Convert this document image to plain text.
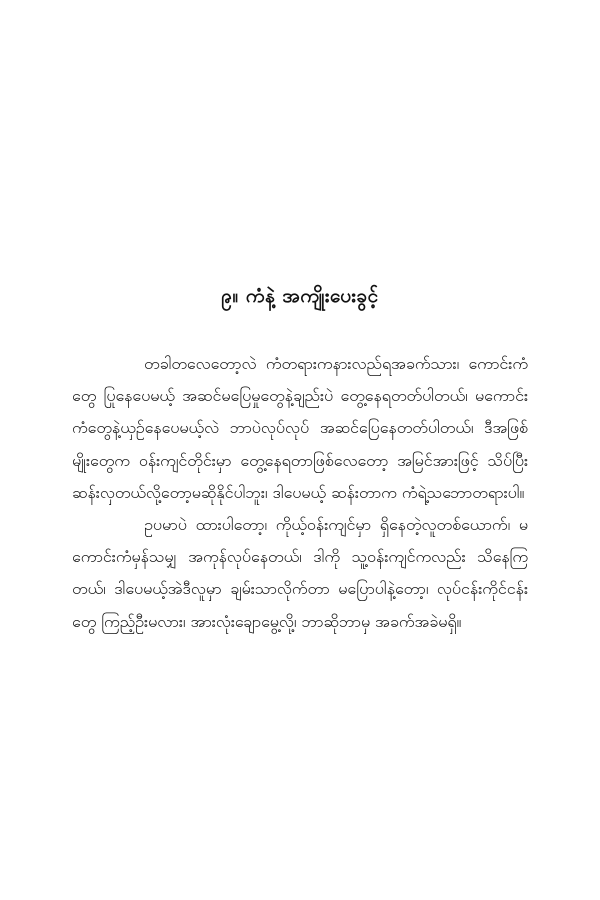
၉။ ကံနဲ့ အကျိုးပေးခွင့်

တခါတလေတော့လဲ ကံတရားကနားလည်ရအခက်သား၊ ကောင်းကံတွေ ပြုနေပေမယ့် အဆင်မပြေမှုတွေနဲ့ချည်းပဲ တွေ့နေရတတ်ပါတယ်၊ မကောင်းကံတွေနဲ့ယှဉ်နေပေမယ့်လဲ ဘာပဲလုပ်လုပ် အဆင်ပြေနေတတ်ပါတယ်၊ ဒီအဖြစ်မျိုးတွေက ဝန်းကျင်တိုင်းမှာ တွေ့နေရတာဖြစ်လေတော့ အမြင်အားဖြင့် သိပ်ပြီးဆန်းလှတယ်လို့တော့မဆိုနိုင်ပါဘူး၊ ဒါပေမယ့် ဆန်းတာက ကံရဲ့သဘောတရားပါ။

ဥပမာပဲ ထားပါတော့၊ ကိုယ့်ဝန်းကျင်မှာ ရှိနေတဲ့လူတစ်ယောက်၊ မကောင်းကံမှန်သမျှ အကုန်လုပ်နေတယ်၊ ဒါကို သူ့ဝန်းကျင်ကလည်း သိနေကြတယ်၊ ဒါပေမယ့်အဲဒီလူမှာ ချမ်းသာလိုက်တာ မပြောပါနဲ့တော့၊ လုပ်ငန်းကိုင်ငန်းတွေ ကြည့်ဦးမလား၊ အားလုံးချောမွေ့လို့၊ ဘာဆိုဘာမှ အခက်အခဲမရှိ။
